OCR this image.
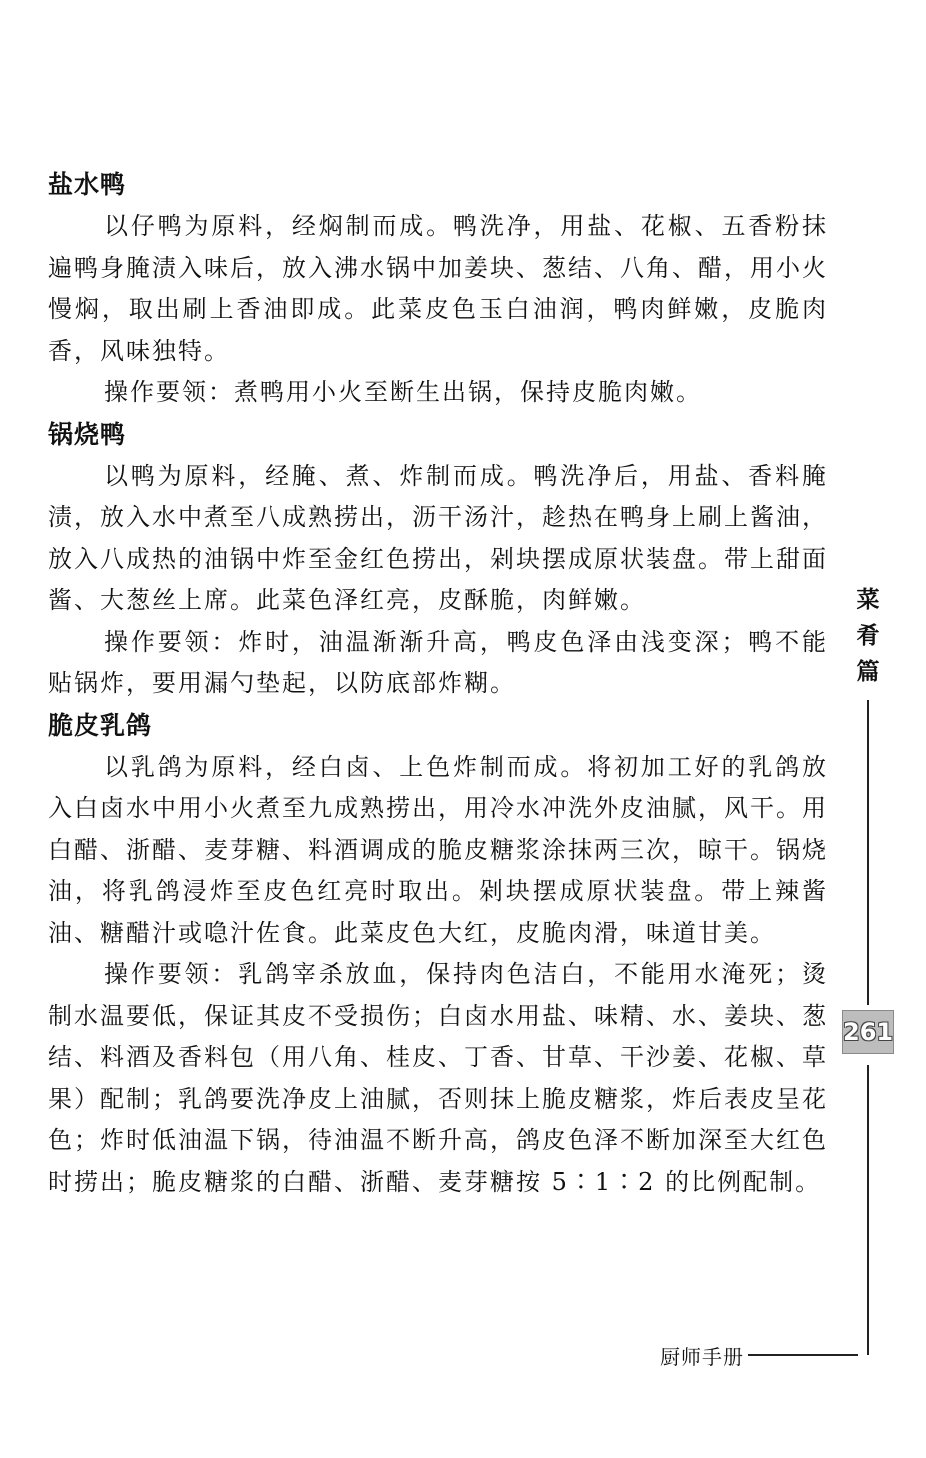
盐水鸭

以仔鸭为原料，经焖制而成。鸭洗净，用盐、花椒、五香粉抹遍鸭身腌渍入味后，放入沸水锅中加姜块、葱结、八角、醋，用小火慢焖，取出刷上香油即成。此菜皮色玉白油润，鸭肉鲜嫩，皮脆肉香，风味独特。

操作要领：煮鸭用小火至断生出锅，保持皮脆肉嫩。

锅烧鸭

以鸭为原料，经腌、煮、炸制而成。鸭洗净后，用盐、香料腌渍，放入水中煮至八成熟捞出，沥干汤汁，趁热在鸭身上刷上酱油，放入八成热的油锅中炸至金红色捞出，剁块摆成原状装盘。带上甜面酱、大葱丝上席。此菜色泽红亮，皮酥脆，肉鲜嫩。

操作要领：炸时，油温渐渐升高，鸭皮色泽由浅变深；鸭不能贴锅炸，要用漏勺垫起，以防底部炸糊。

脆皮乳鸽

以乳鸽为原料，经白卤、上色炸制而成。将初加工好的乳鸽放入白卤水中用小火煮至九成熟捞出，用冷水冲洗外皮油腻，风干。用白醋、浙醋、麦芽糖、料酒调成的脆皮糖浆涂抹两三次，晾干。锅烧油，将乳鸽浸炸至皮色红亮时取出。剁块摆成原状装盘。带上辣酱油、糖醋汁或喼汁佐食。此菜皮色大红，皮脆肉滑，味道甘美。

操作要领：乳鸽宰杀放血，保持肉色洁白，不能用水淹死；烫制水温要低，保证其皮不受损伤；白卤水用盐、味精、水、姜块、葱结、料酒及香料包（用八角、桂皮、丁香、甘草、干沙姜、花椒、草果）配制；乳鸽要洗净皮上油腻，否则抹上脆皮糖浆，炸后表皮呈花色；炸时低油温下锅，待油温不断升高，鸽皮色泽不断加深至大红色时捞出；脆皮糖浆的白醋、浙醋、麦芽糖按 5∶1∶2 的比例配制。

菜
肴
篇
261
厨师手册
